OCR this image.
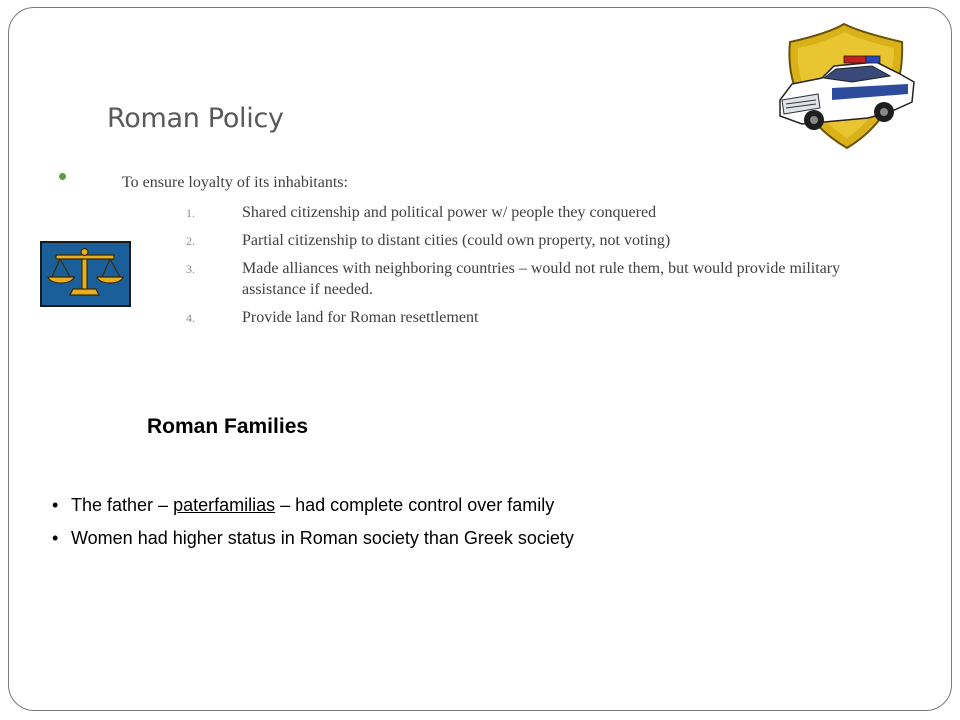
Roman Policy
To ensure loyalty of its inhabitants:
1.	Shared citizenship and political power w/ people they conquered
2.	Partial citizenship to distant cities (could own property, not voting)
3.	Made alliances with neighboring countries – would not rule them, but would provide military assistance if needed.
4.	Provide land for Roman resettlement
Roman Families
• The father – paterfamilias – had complete control over family
• Women had higher status in Roman society than Greek society
